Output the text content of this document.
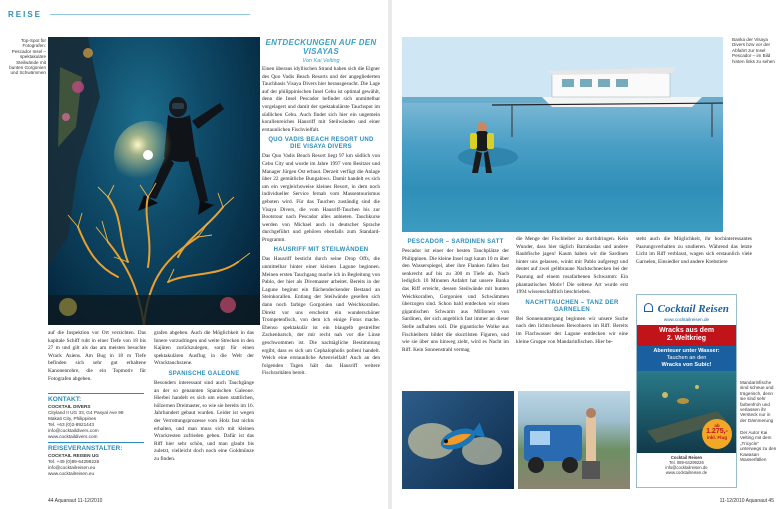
REISE
Top-Spot für Fotografen: Pescador Insel – spektakuläre Steilwände mit bunten Gorgonien und Schwämmen
ENTDECKUNGEN AUF DEN VISAYAS
Von Kai Velting

Einen überaus idyllischen Strand haben sich die Eigner des Quo Vadis Beach Resorts und der angegliederten Tauchbasis Visaya Divers hier herausgesucht. Die Lage auf der philippinischen Insel Cebu ist optimal gewählt, denn die Insel Pescador befindet sich unmittelbar vorgelagert und damit der spektakulärste Tauchspot im südlichen Cebu. Auch findet sich hier ein ungemein korallenreiches Hausriff mit Steilwänden und einer erstaunlichen Fischvielfalt.

QUO VADIS BEACH RESORT UND DIE VISAYA DIVERS

Das Quo Vadis Beach Resort liegt 97 km südlich von Cebu City und wurde im Jahre 1997 vom Besitzer und Manager Jürgen Ost erbaut. Derzeit verfügt die Anlage über 22 gemütliche Bungalows. Damit handelt es sich um ein vergleichsweise kleines Resort, in dem noch individueller Service fernab vom Massentourismus geboten wird. Für das Tauchen zuständig sind die Visaya Divers, die vom Hausriff-Tauchen bis zur Bootstour nach Pescador alles anbieten. Tauchkurse werden von Michael auch in deutscher Sprache durchgeführt und gehören ebenfalls zum Standard-Programm.

HAUSRIFF MIT STEILWÄNDEN

Das Hausriff besticht durch seine Drop Offs, die unmittelbar hinter einer kleinen Lagune beginnen. Meinen ersten Tauchgang mache ich in Begleitung von Pablo, der hier als Divemaster arbeitet. Bereits in der Lagune beginnt ein flächendeckender Bestand an Steinkorallen. Entlang der Steilwände gesellen sich dann noch farbige Gorgonien und Weichkorallen. Direkt vor uns erscheint ein wunderschöner Trompetenfisch, von dem ich einige Fotos mache. Ebenso spektakulär ist ein blaugelb gestreifter Zackenbarsch, der mir recht nah vor die Linse geschwommen ist. Die nachtägliche Bestimmung ergibt, dass es sich um Cephalopholis polleni handelt. Welch eine erstaunliche Artenvielfalt! Auch an den folgenden Tagen hält das Hausriff weitere Fischraritäten bereit.

auf die Inspektion vor Ort verzichten. Das kapitale Schiff ruht in einer Tiefe von 18 bis 27 m und gilt als das am meisten besuchte Wrack Asiens. Am Bug in 18 m Tiefe befinden sich sehr gut erhaltene Kanonenrohre, die ein Topmotiv für Fotografen abgeben.

grafen abgeben. Auch die Möglichkeit in das Innere vorzudringen und weite Strecken in den Kajüten zurückzulegen, sorgt für einen spektakulären Ausflug in die Welt der Wracktauchszene.

SPANISCHE GALEONE

Besonders interessant sind auch Tauchgänge an der so genannten Spanischen Galeone. Hierbei handelt es sich um einen stattlichen, hölzernen Dreimaster, so wie sie bereits im 16. Jahrhundert gebaut wurden. Leider ist wegen der Verrottungsprozesse vom Holz fast nichts erhalten, und man muss sich mit kleinen Wrackresten zufrieden geben. Dafür ist das Riff hier sehr schön, und man glaubt bis zuletzt, vielleicht doch noch eine Goldmünze zu finden.

KONTAKT:
COCKTAIL DIVERS
Cityland II UG 33, G4 Pasyal Ave 98
Makati City, Philippines
Tel. +63 (0)2-8921443
info@cocktaildivers.com
www.cocktaildivers.com
REISEVERANSTALTER:
COCKTAIL REISEN UG
Tel. +49 (0)89-64299226
info@cocktailreisen.eu
www.cocktailreisen.eu
44 Aquanaut 11-12/2010
Banka der Visaya Divers bzw vor der Abfahrt zur Insel Pescador – im Bild hinten links zu sehen
PESCADOR – SARDINEN SATT

Pescador ist einer der besten Tauchplätze der Philippinen. Die kleine Insel ragt kaum 10 m über den Wasserspiegel, aber ihre Flanken fallen fast senkrecht auf bis zu 300 m Tiefe ab. Nach lediglich 10 Minuten Anfahrt hat unsere Banka das Riff erreicht, dessen Steilwände mit bunten Weichkorallen, Gorgonien und Schwämmen überzogen sind. Schon bald entdecken wir einen gigantischen Schwarm aus Millionen von Sardinen, der sich angeblich fast immer an dieser Stelle aufhalten soll. Die gigantische Wolke aus Fischleibern bildet die skurrilsten Figuren, und wie sie über uns hinweg zieht, wird es Nacht im Riff. Kein Sonnenstrahl vermag

die Menge der Fischleiber zu durchdringen. Kein Wunder, dass hier täglich Barrakudas und andere Raubfische jagen! Kaum haben wir die Sardinen hinter uns gelassen, winkt mir Pablo aufgeregt und deutet auf zwei gelbbraune Nacktschnecken bei der Paarung auf einem rosafarbenen Schwamm: Ein phantastisches Motiv! Die seltene Art wurde erst 1994 wissenschaftlich beschrieben.

NACHTTAUCHEN – TANZ DER GARNELEN

Bei Sonnenuntergang beginnen wir unsere Suche nach den lichtscheuen Bewohnern im Riff. Bereits im Flachwasser der Lagune entdecken wir eine kleine Gruppe von Mandarinfischen. Hier be-

steht auch die Möglichkeit, ihr hochinteressantes Paarungsverhalten zu studieren. Während das letzte Licht im Riff verblasst, wagen sich erstaunlich viele Garnelen, Einsiedler und andere Krebstiere

Cocktail Reisen
www.cocktailreisen.de
Wracks aus dem
2. Weltkrieg
Abenteuer unter Wasser:
Tauchen an den
Wracks von Subic!
ab
1.275,-
inkl. Flug
Cocktail Reisen
Tel. 089-64299226
info@cocktailreisen.de
www.cocktailreisen.de
Mandarinfische sind scheue und trügerisch, denn sie sind sehr farbenfroh und verlassen ihr Versteck nur in der Dämmerung
Der Autor Kai Velting mit dem „Tricycle“ unterwegs zu den Kawasan Wasserfällen
11-12/2010 Aquanaut 45
